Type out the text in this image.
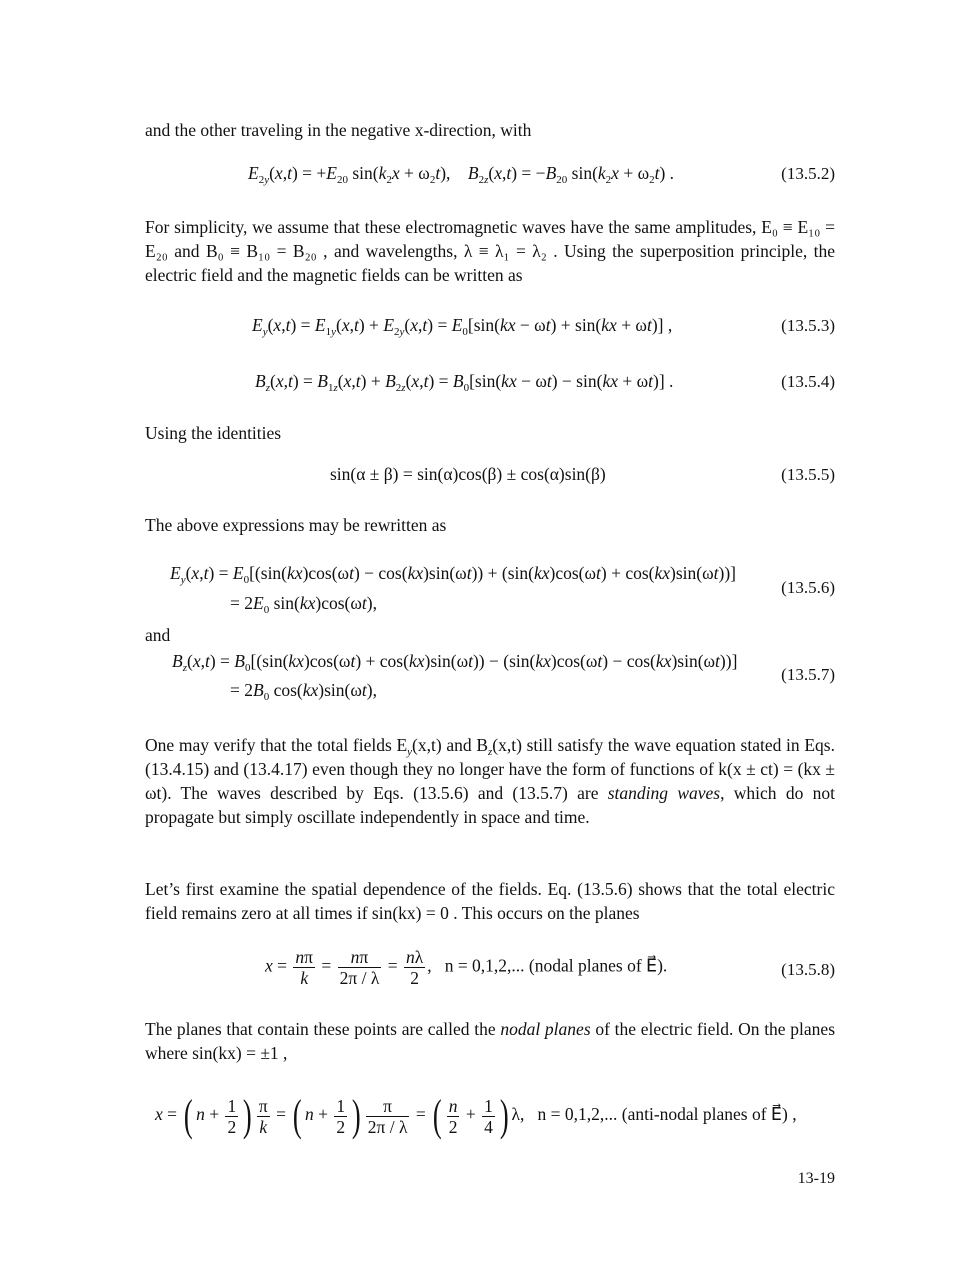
and the other traveling in the negative x-direction, with
$E_{2y}(x,t) = +E_{20}$ $\sin(k_2x + \omega_2t)$,    $B_{2z}(x,t) = -B_{20}$ $\sin(k_2x + \omega_2t)$ .	(13.5.2)
For simplicity, we assume that these electromagnetic waves have the same amplitudes, E₀ ≡ E₁₀ = E₂₀ and B₀ ≡ B₁₀ = B₂₀ , and wavelengths, λ ≡ λ₁ = λ₂ . Using the superposition principle, the electric field and the magnetic fields can be written as
$E_y(x,t) = E_{1y}(x,t) + E_{2y}(x,t) = E_0[\sin(kx - \omega t) + \sin(kx + \omega t)]$ ,	(13.5.3)
$B_z(x,t) = B_{1z}(x,t) + B_{2z}(x,t) = B_0[\sin(kx - \omega t) - \sin(kx + \omega t)]$ .	(13.5.4)
Using the identities
sin(α ± β) = sin(α)cos(β) ± cos(α)sin(β)	(13.5.5)
The above expressions may be rewritten as
$E_y(x,t) = E_0[(\sin(kx)\cos(\omega t) - \cos(kx)\sin(\omega t)) + (\sin(kx)\cos(\omega t) + \cos(kx)\sin(\omega t))]$
= $2E_0$ sin(kx)cos(ωt),
(13.5.6)
and
$B_z(x,t) = B_0[(\sin(kx)\cos(\omega t) + \cos(kx)\sin(\omega t)) - (\sin(kx)\cos(\omega t) - \cos(kx)\sin(\omega t))]$
= $2B_0$ cos(kx)sin(ωt),
(13.5.7)
One may verify that the total fields $E_y(x,t)$ and $B_z(x,t)$ still satisfy the wave equation stated in Eqs. (13.4.15) and (13.4.17) even though they no longer have the form of functions of k(x ± ct) = (kx ± ωt). The waves described by Eqs. (13.5.6) and (13.5.7) are standing waves, which do not propagate but simply oscillate independently in space and time.
Let’s first examine the spatial dependence of the fields. Eq. (13.5.6) shows that the total electric field remains zero at all times if sin(kx) = 0 . This occurs on the planes
$x = \frac{n\pi}{k} = \frac{n\pi}{2\pi / \lambda} = \frac{n\lambda}{2}$ ,   n = 0,1,2,... (nodal planes of E⃗).	(13.5.8)
The planes that contain these points are called the nodal planes of the electric field. On the planes where sin(kx) = ±1 ,
x = ( $n + \frac{1}{2}$ ) $\frac{\pi}{k}$ = ( $n + \frac{1}{2}$ ) $\frac{\pi}{2\pi / \lambda}$ = ( $\frac{n}{2} + \frac{1}{4}$ ) λ,   n = 0,1,2,... (anti-nodal planes of E⃗) ,
13-19
